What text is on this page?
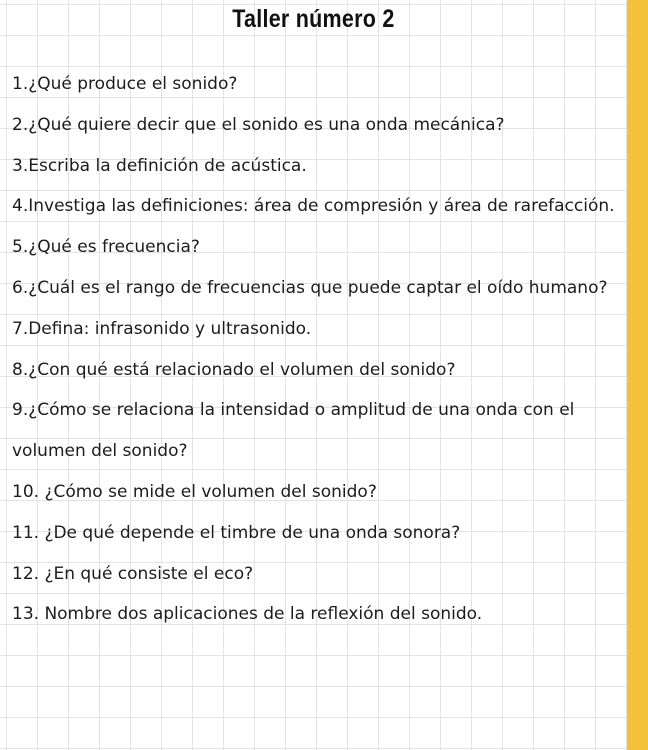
Taller número 2
1.¿Qué produce el sonido?
2.¿Qué quiere decir que el sonido es una onda mecánica?
3.Escriba la definición de acústica.
4.Investiga las definiciones: área de compresión y área de rarefacción.
5.¿Qué es frecuencia?
6.¿Cuál es el rango de frecuencias que puede captar el oído humano?
7.Defina: infrasonido y ultrasonido.
8.¿Con qué está relacionado el volumen del sonido?
9.¿Cómo se relaciona la intensidad o amplitud de una onda con el volumen del sonido?
10. ¿Cómo se mide el volumen del sonido?
11. ¿De qué depende el timbre de una onda sonora?
12. ¿En qué consiste el eco?
13. Nombre dos aplicaciones de la reflexión del sonido.
